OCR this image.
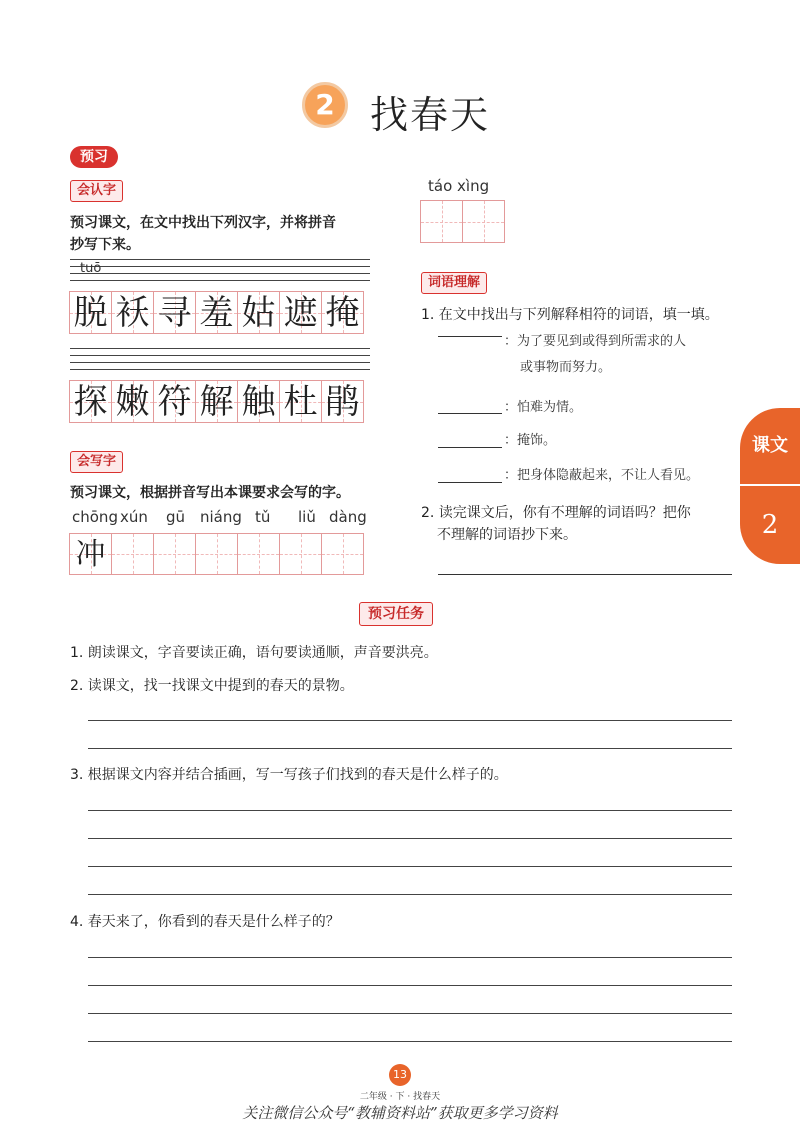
2 找春天
预习
会认字
预习课文，在文中找出下列汉字，并将拼音
抄写下来。
tuō
脱 袄 寻 羞 姑 遮 掩
探 嫩 符 解 触 杜 鹃
会写字
预习课文，根据拼音写出本课要求会写的字。
chōng xún gū niáng tǔ liǔ dàng
冲
táo xìng
词语理解
1. 在文中找出与下列解释相符的词语，填一填。
：为了要见到或得到所需求的人
或事物而努力。
：怕难为情。
：掩饰。
：把身体隐蔽起来，不让人看见。
2. 读完课文后，你有不理解的词语吗？把你
不理解的词语抄下来。
课文
2
预习任务
1. 朗读课文，字音要读正确，语句要读通顺，声音要洪亮。
2. 读课文，找一找课文中提到的春天的景物。
3. 根据课文内容并结合插画，写一写孩子们找到的春天是什么样子的。
4. 春天来了，你看到的春天是什么样子的？
13
二年级 · 下 · 找春天
关注微信公众号“教辅资料站”获取更多学习资料
